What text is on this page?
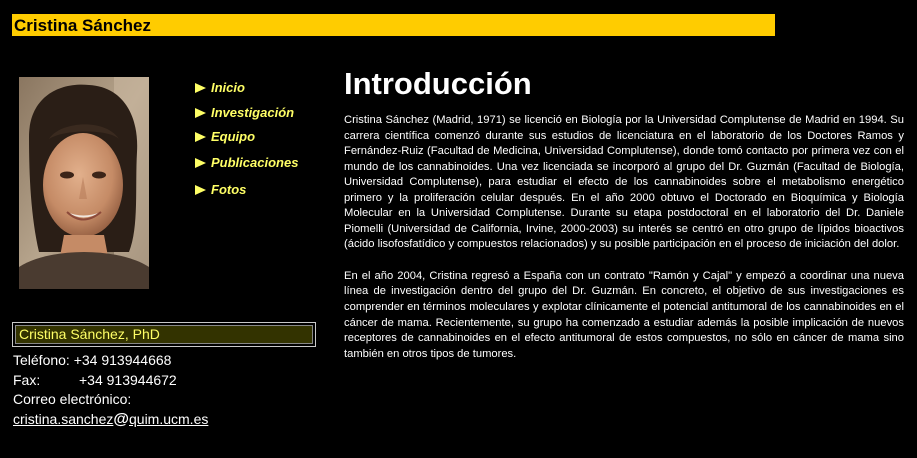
Cristina Sánchez
Inicio
Investigación
Equipo
Publicaciones
Fotos
Cristina Sánchez, PhD
Teléfono: +34 913944668
Fax:	+34 913944672
Correo electrónico:
cristina.sanchez@quim.ucm.es
Introducción

Cristina Sánchez (Madrid, 1971) se licenció en Biología por la Universidad Complutense de Madrid en 1994. Su carrera científica comenzó durante sus estudios de licenciatura en el laboratorio de los Doctores Ramos y Fernández-Ruiz (Facultad de Medicina, Universidad Complutense), donde tomó contacto por primera vez con el mundo de los cannabinoides. Una vez licenciada se incorporó al grupo del Dr. Guzmán (Facultad de Biología, Universidad Complutense), para estudiar el efecto de los cannabinoides sobre el metabolismo energético primero y la proliferación celular después. En el año 2000 obtuvo el Doctorado en Bioquímica y Biología Molecular en la Universidad Complutense. Durante su etapa postdoctoral en el laboratorio del Dr. Daniele Piomelli (Universidad de California, Irvine, 2000-2003) su interés se centró en otro grupo de lípidos bioactivos (ácido lisofosfatídico y compuestos relacionados) y su posible participación en el proceso de iniciación del dolor.

En el año 2004, Cristina regresó a España con un contrato "Ramón y Cajal" y empezó a coordinar una nueva línea de investigación dentro del grupo del Dr. Guzmán. En concreto, el objetivo de sus investigaciones es comprender en términos moleculares y explotar clínicamente el potencial antitumoral de los cannabinoides en el cáncer de mama. Recientemente, su grupo ha comenzado a estudiar además la posible implicación de nuevos receptores de cannabinoides en el efecto antitumoral de estos compuestos, no sólo en cáncer de mama sino también en otros tipos de tumores.
